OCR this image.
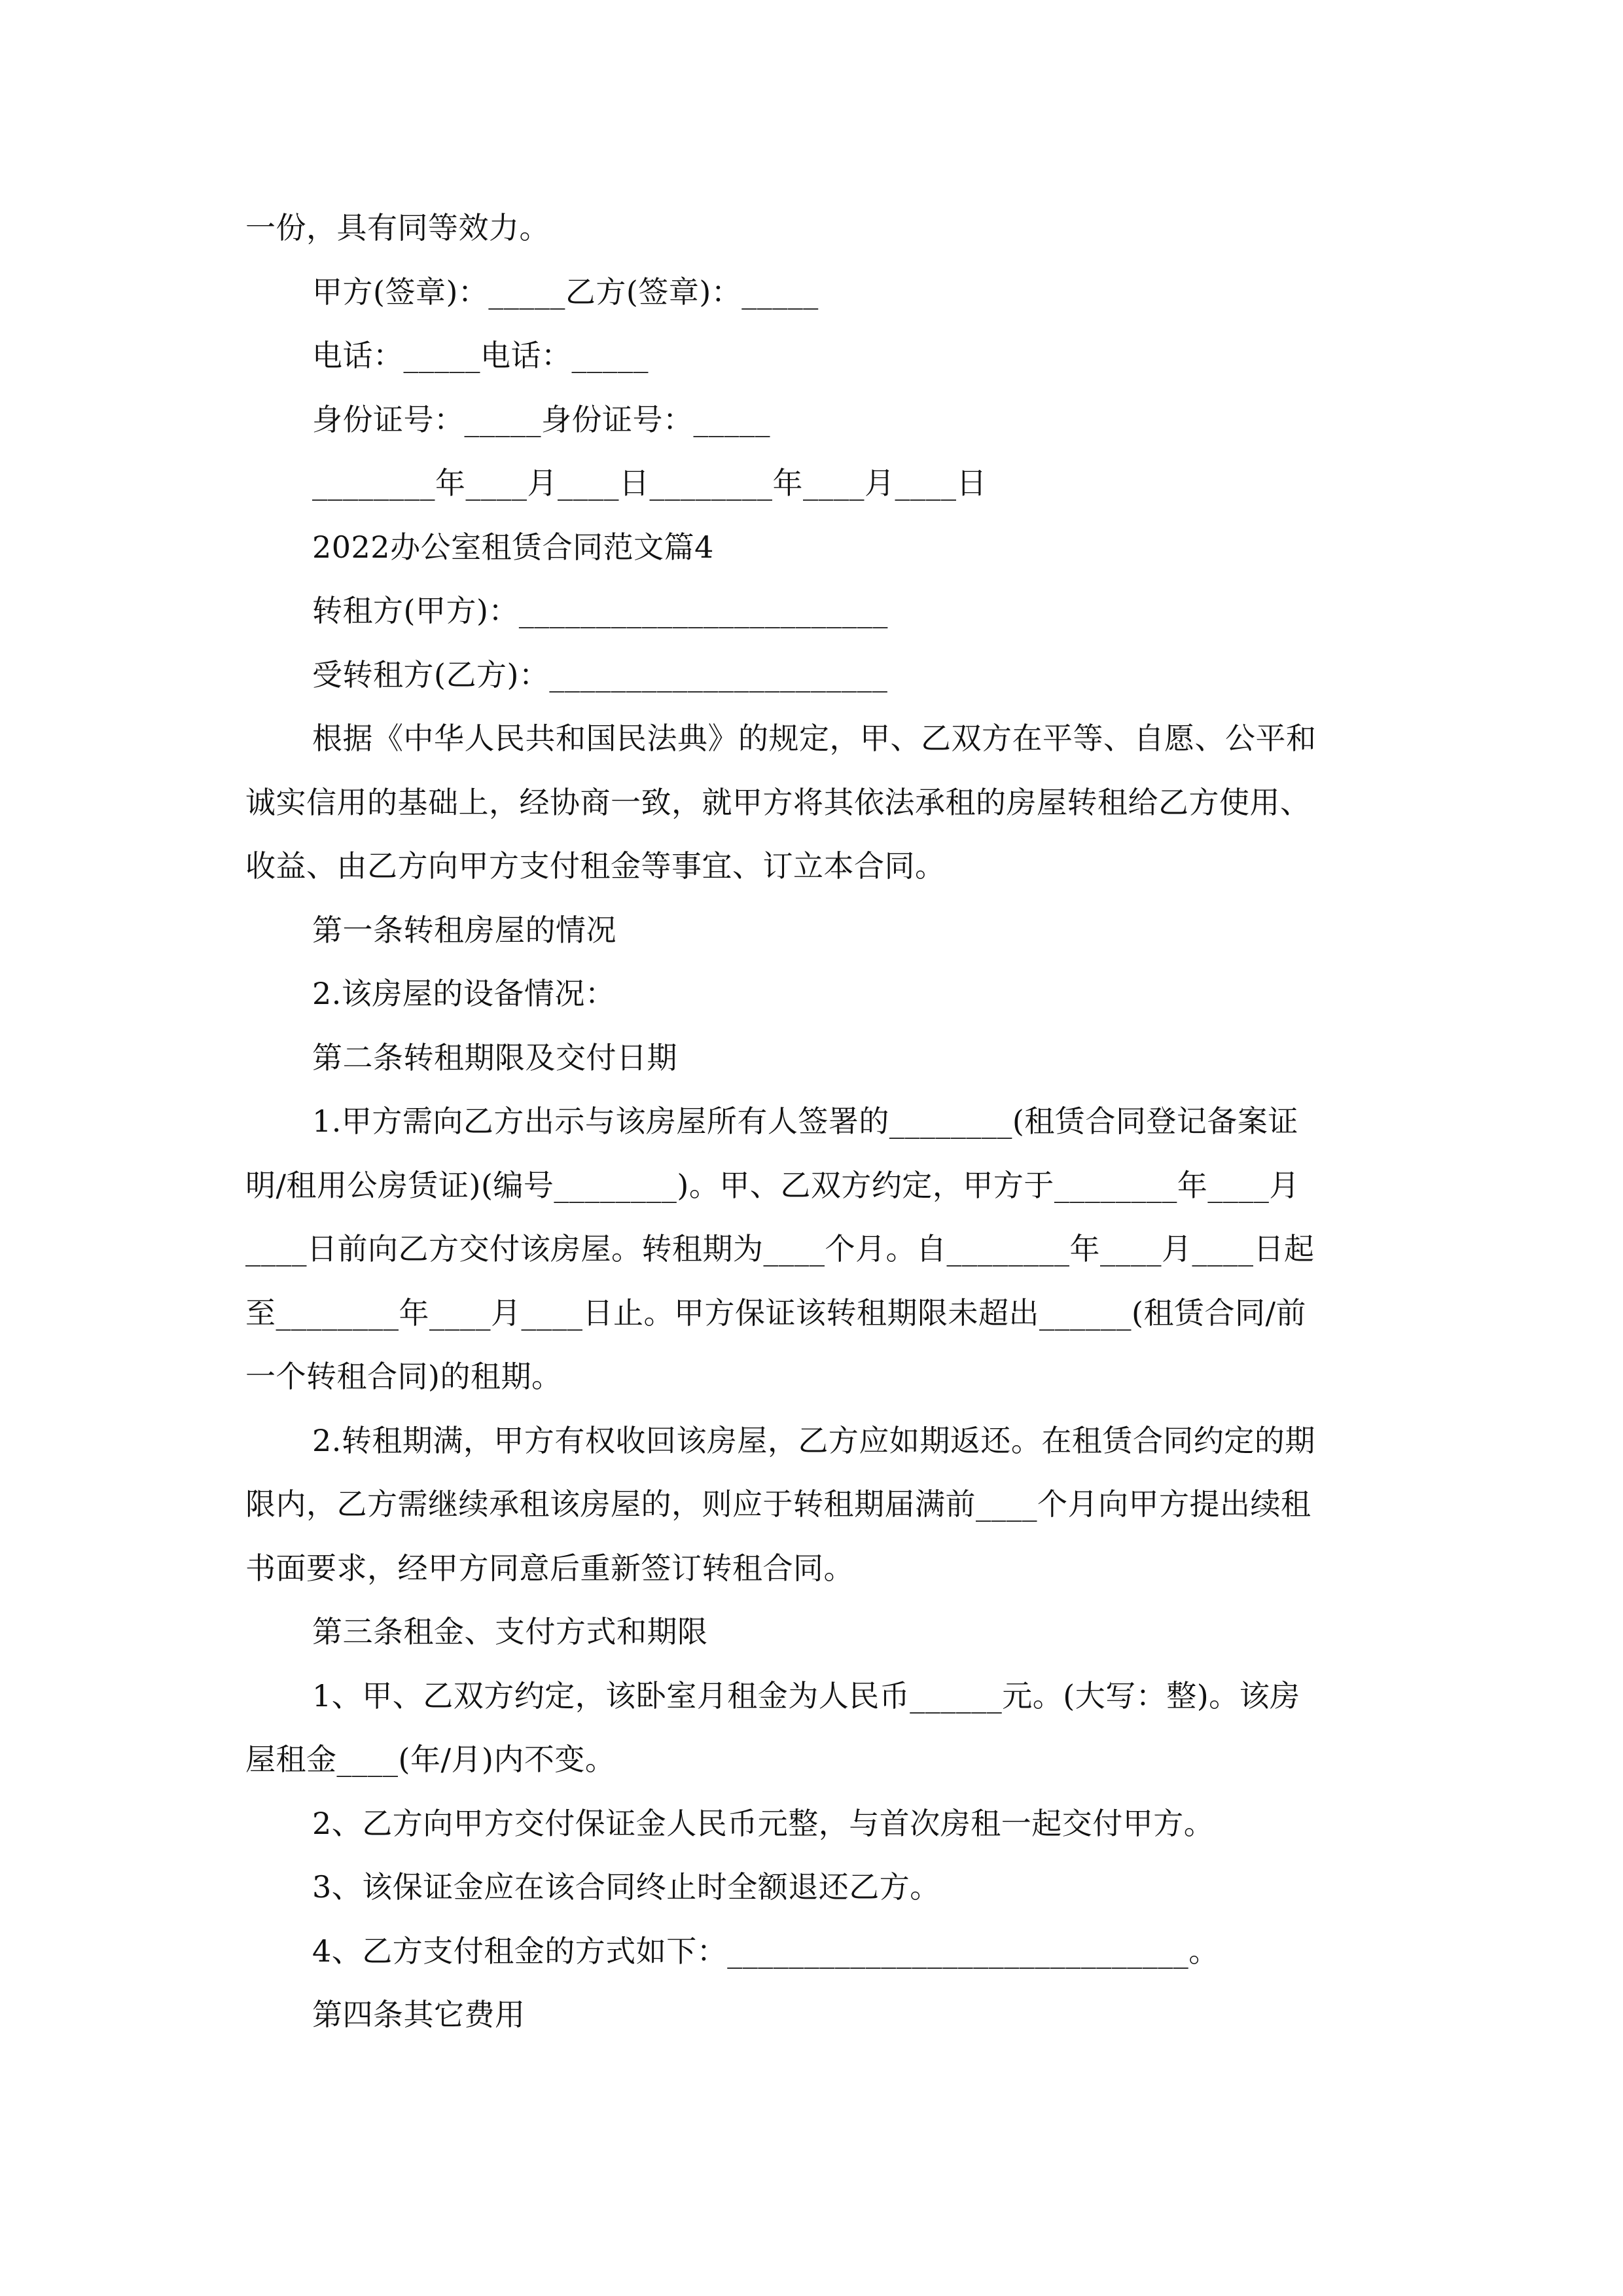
一份，具有同等效力。
甲方(签章)：_____乙方(签章)：_____
电话：_____电话：_____
身份证号：_____身份证号：_____
________年____月____日________年____月____日
2022办公室租赁合同范文篇4
转租方(甲方)：________________________
受转租方(乙方)：______________________
根据《中华人民共和国民法典》的规定，甲、乙双方在平等、自愿、公平和
诚实信用的基础上，经协商一致，就甲方将其依法承租的房屋转租给乙方使用、
收益、由乙方向甲方支付租金等事宜、订立本合同。
第一条转租房屋的情况
2.该房屋的设备情况：
第二条转租期限及交付日期
1.甲方需向乙方出示与该房屋所有人签署的________(租赁合同登记备案证
明/租用公房赁证)(编号________)。甲、乙双方约定，甲方于________年____月
____日前向乙方交付该房屋。转租期为____个月。自________年____月____日起
至________年____月____日止。甲方保证该转租期限未超出______(租赁合同/前
一个转租合同)的租期。
2.转租期满，甲方有权收回该房屋，乙方应如期返还。在租赁合同约定的期
限内，乙方需继续承租该房屋的，则应于转租期届满前____个月向甲方提出续租
书面要求，经甲方同意后重新签订转租合同。
第三条租金、支付方式和期限
1、甲、乙双方约定，该卧室月租金为人民币______元。(大写：整)。该房
屋租金____(年/月)内不变。
2、乙方向甲方交付保证金人民币元整，与首次房租一起交付甲方。
3、该保证金应在该合同终止时全额退还乙方。
4、乙方支付租金的方式如下：______________________________。
第四条其它费用
